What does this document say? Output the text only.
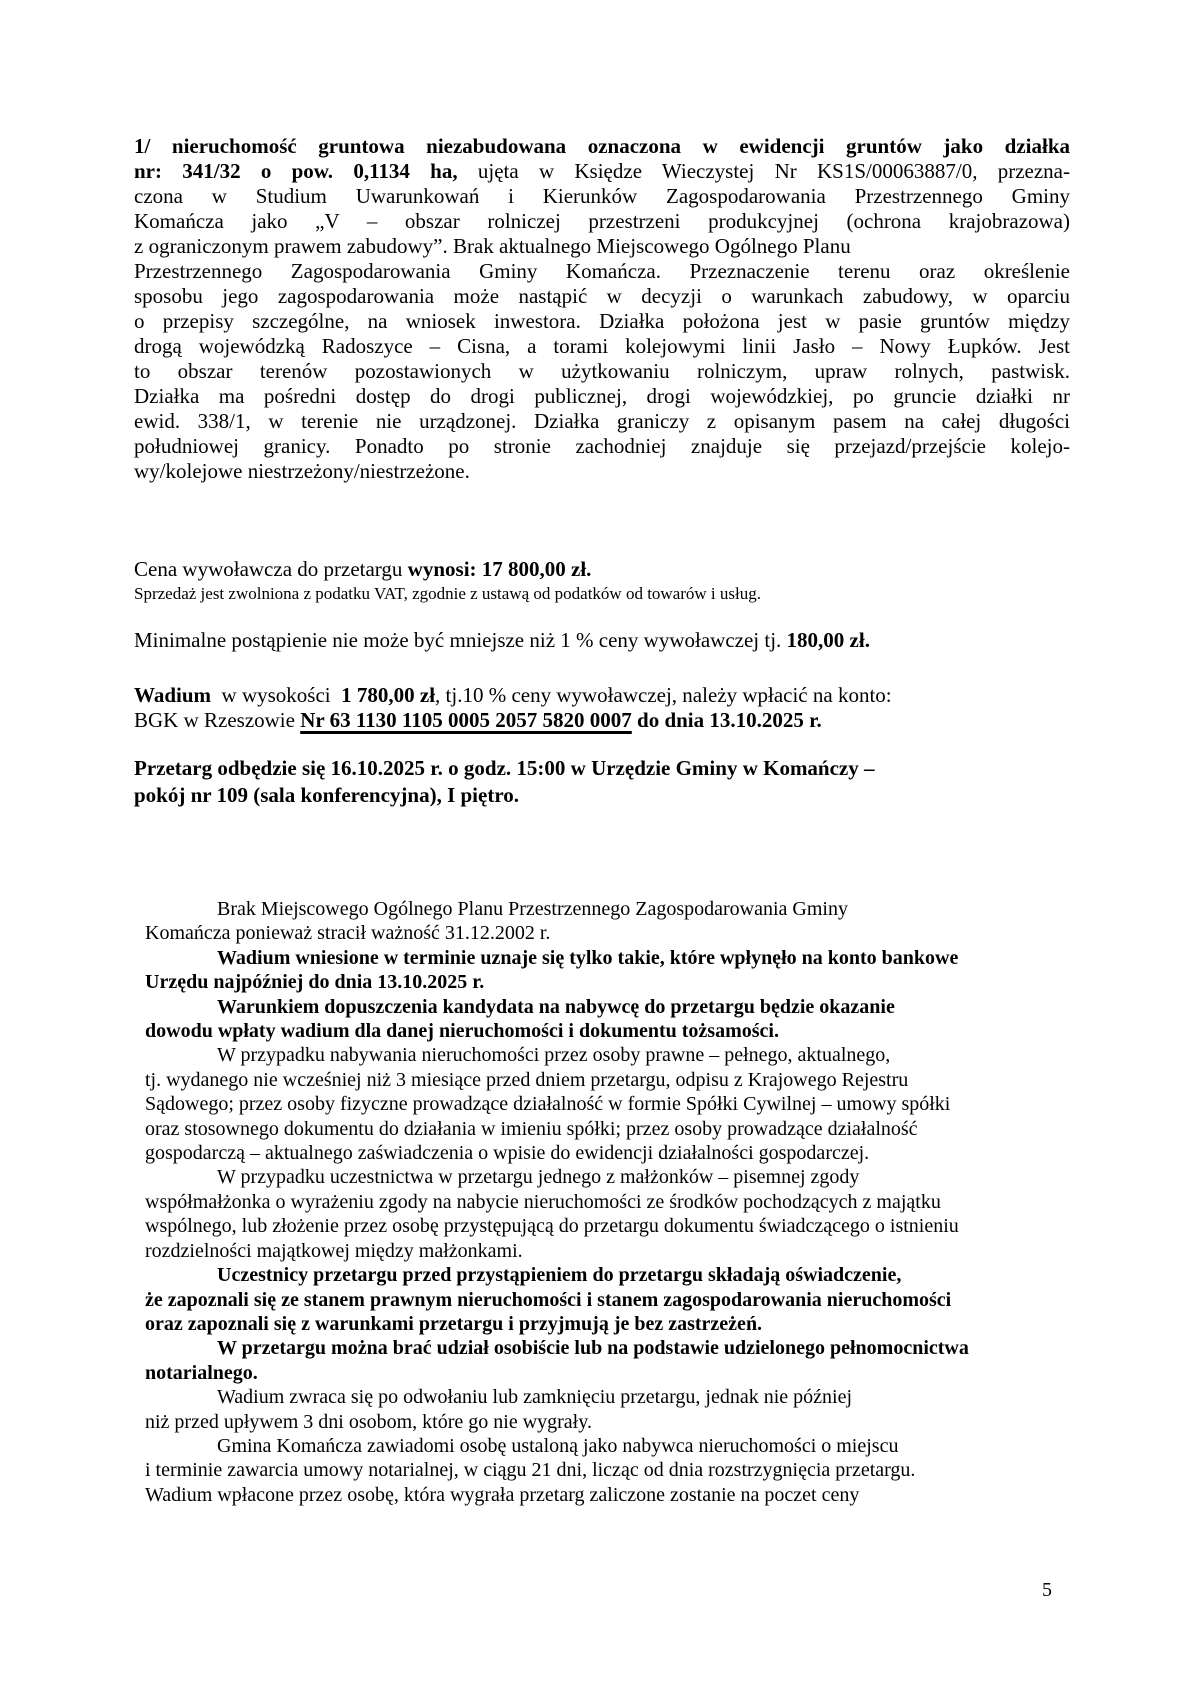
1/ nieruchomość gruntowa niezabudowana oznaczona w ewidencji gruntów jako działka
nr: 341/32 o pow. 0,1134 ha, ujęta w Księdze Wieczystej Nr KS1S/00063887/0, przezna-
czona w Studium Uwarunkowań i Kierunków Zagospodarowania Przestrzennego Gminy
Komańcza jako „V – obszar rolniczej przestrzeni produkcyjnej (ochrona krajobrazowa)
z ograniczonym prawem zabudowy”. Brak aktualnego Miejscowego Ogólnego Planu
Przestrzennego Zagospodarowania Gminy Komańcza. Przeznaczenie terenu oraz określenie
sposobu jego zagospodarowania może nastąpić w decyzji o warunkach zabudowy, w oparciu
o przepisy szczególne, na wniosek inwestora. Działka położona jest w pasie gruntów między
drogą wojewódzką Radoszyce – Cisna, a torami kolejowymi linii Jasło – Nowy Łupków. Jest
to obszar terenów pozostawionych w użytkowaniu rolniczym, upraw rolnych, pastwisk.
Działka ma pośredni dostęp do drogi publicznej, drogi wojewódzkiej, po gruncie działki nr
ewid. 338/1, w terenie nie urządzonej. Działka graniczy z opisanym pasem na całej długości
południowej granicy. Ponadto po stronie zachodniej znajduje się przejazd/przejście kolejo-
wy/kolejowe niestrzeżony/niestrzeżone.
Cena wywoławcza do przetargu wynosi: 17 800,00 zł.
Sprzedaż jest zwolniona z podatku VAT, zgodnie z ustawą od podatków od towarów i usług.
Minimalne postąpienie nie może być mniejsze niż 1 % ceny wywoławczej tj. 180,00 zł.
Wadium  w wysokości  1 780,00 zł, tj.10 % ceny wywoławczej, należy wpłacić na konto:
BGK w Rzeszowie Nr 63 1130 1105 0005 2057 5820 0007 do dnia 13.10.2025 r.
Przetarg odbędzie się 16.10.2025 r. o godz. 15:00 w Urzędzie Gminy w Komańczy –
pokój nr 109 (sala konferencyjna), I piętro.
Brak Miejscowego Ogólnego Planu Przestrzennego Zagospodarowania Gminy
Komańcza ponieważ stracił ważność 31.12.2002 r.
Wadium wniesione w terminie uznaje się tylko takie, które wpłynęło na konto bankowe
Urzędu najpóźniej do dnia 13.10.2025 r.
Warunkiem dopuszczenia kandydata na nabywcę do przetargu będzie okazanie
dowodu wpłaty wadium dla danej nieruchomości i dokumentu tożsamości.
W przypadku nabywania nieruchomości przez osoby prawne – pełnego, aktualnego,
tj. wydanego nie wcześniej niż 3 miesiące przed dniem przetargu, odpisu z Krajowego Rejestru
Sądowego; przez osoby fizyczne prowadzące działalność w formie Spółki Cywilnej – umowy spółki
oraz stosownego dokumentu do działania w imieniu spółki; przez osoby prowadzące działalność
gospodarczą – aktualnego zaświadczenia o wpisie do ewidencji działalności gospodarczej.
W przypadku uczestnictwa w przetargu jednego z małżonków – pisemnej zgody
współmałżonka o wyrażeniu zgody na nabycie nieruchomości ze środków pochodzących z majątku
wspólnego, lub złożenie przez osobę przystępującą do przetargu dokumentu świadczącego o istnieniu
rozdzielności majątkowej między małżonkami.
Uczestnicy przetargu przed przystąpieniem do przetargu składają oświadczenie,
że zapoznali się ze stanem prawnym nieruchomości i stanem zagospodarowania nieruchomości
oraz zapoznali się z warunkami przetargu i przyjmują je bez zastrzeżeń.
W przetargu można brać udział osobiście lub na podstawie udzielonego pełnomocnictwa
notarialnego.
Wadium zwraca się po odwołaniu lub zamknięciu przetargu, jednak nie później
niż przed upływem 3 dni osobom, które go nie wygrały.
Gmina Komańcza zawiadomi osobę ustaloną jako nabywca nieruchomości o miejscu
i terminie zawarcia umowy notarialnej, w ciągu 21 dni, licząc od dnia rozstrzygnięcia przetargu.
Wadium wpłacone przez osobę, która wygrała przetarg zaliczone zostanie na poczet ceny
5
